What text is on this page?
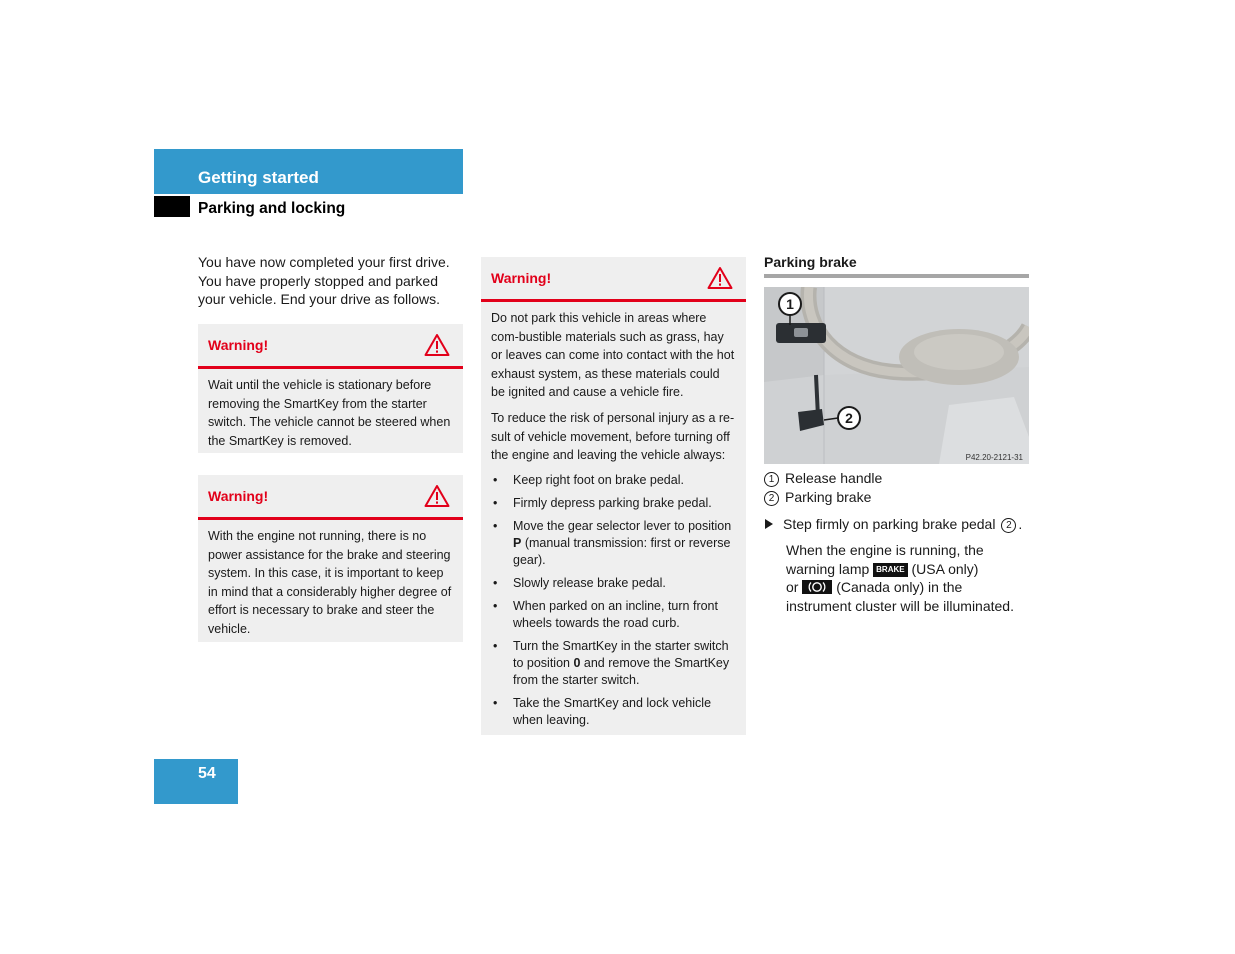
Getting started
Parking and locking
You have now completed your first drive. You have properly stopped and parked your vehicle. End your drive as follows.
Warning!
Wait until the vehicle is stationary before removing the SmartKey from the starter switch. The vehicle cannot be steered when the SmartKey is removed.
Warning!
With the engine not running, there is no power assistance for the brake and steering system. In this case, it is important to keep in mind that a considerably higher degree of effort is necessary to brake and steer the vehicle.
Warning!

Do not park this vehicle in areas where com-bustible materials such as grass, hay or leaves can come into contact with the hot exhaust system, as these materials could be ignited and cause a vehicle fire.

To reduce the risk of personal injury as a re-sult of vehicle movement, before turning off the engine and leaving the vehicle always:

• Keep right foot on brake pedal.
• Firmly depress parking brake pedal.
• Move the gear selector lever to position P (manual transmission: first or reverse gear).
• Slowly release brake pedal.
• When parked on an incline, turn front wheels towards the road curb.
• Turn the SmartKey in the starter switch to position 0 and remove the SmartKey from the starter switch.
• Take the SmartKey and lock vehicle when leaving.
Parking brake
1
2
P42.20-2121-31
1 Release handle
2 Parking brake
Step firmly on parking brake pedal 2 .
When the engine is running, the
warning lamp BRAKE (USA only)
or
(Canada only) in the
instrument cluster will be illuminated.
54
